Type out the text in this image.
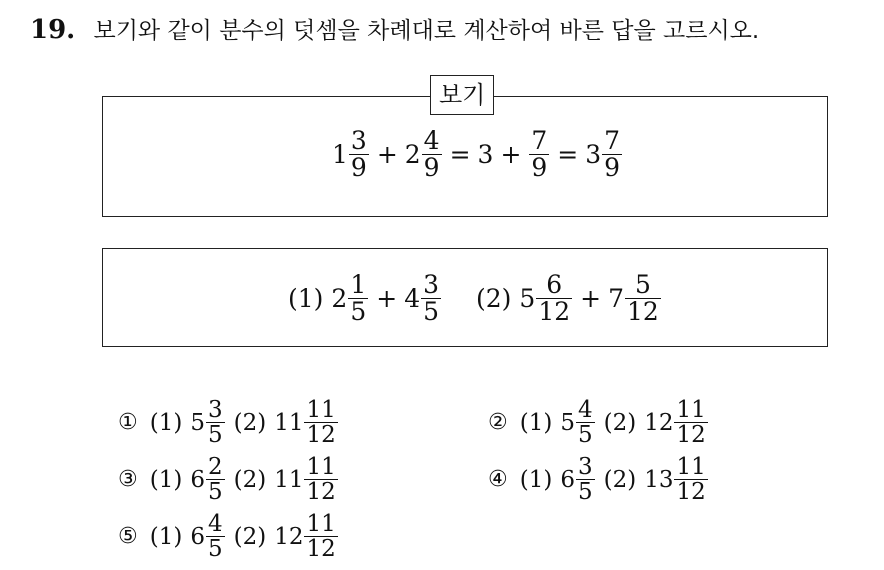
19. 보기와 같이 분수의 덧셈을 차례대로 계산하여 바른 답을 고르시오.
보기
$1 \frac{3}{9} + 2 \frac{4}{9} = 3 + \frac{7}{9} = 3 \frac{7}{9}$
(1) $2 \frac{1}{5} + 4 \frac{3}{5} (2)$ $5 \frac{6}{12} + 7 \frac{5}{12}$
① (1) $5 \frac{3}{5} (2)$ $11 \frac{11}{12}$	② (1) $5 \frac{4}{5} (2)$ $12 \frac{11}{12}$
③ (1) $6 \frac{2}{5} (2)$ $11 \frac{11}{12}$	④ (1) $6 \frac{3}{5} (2)$ $13 \frac{11}{12}$
⑤ (1) $6 \frac{4}{5} (2)$ $12 \frac{11}{12}$
